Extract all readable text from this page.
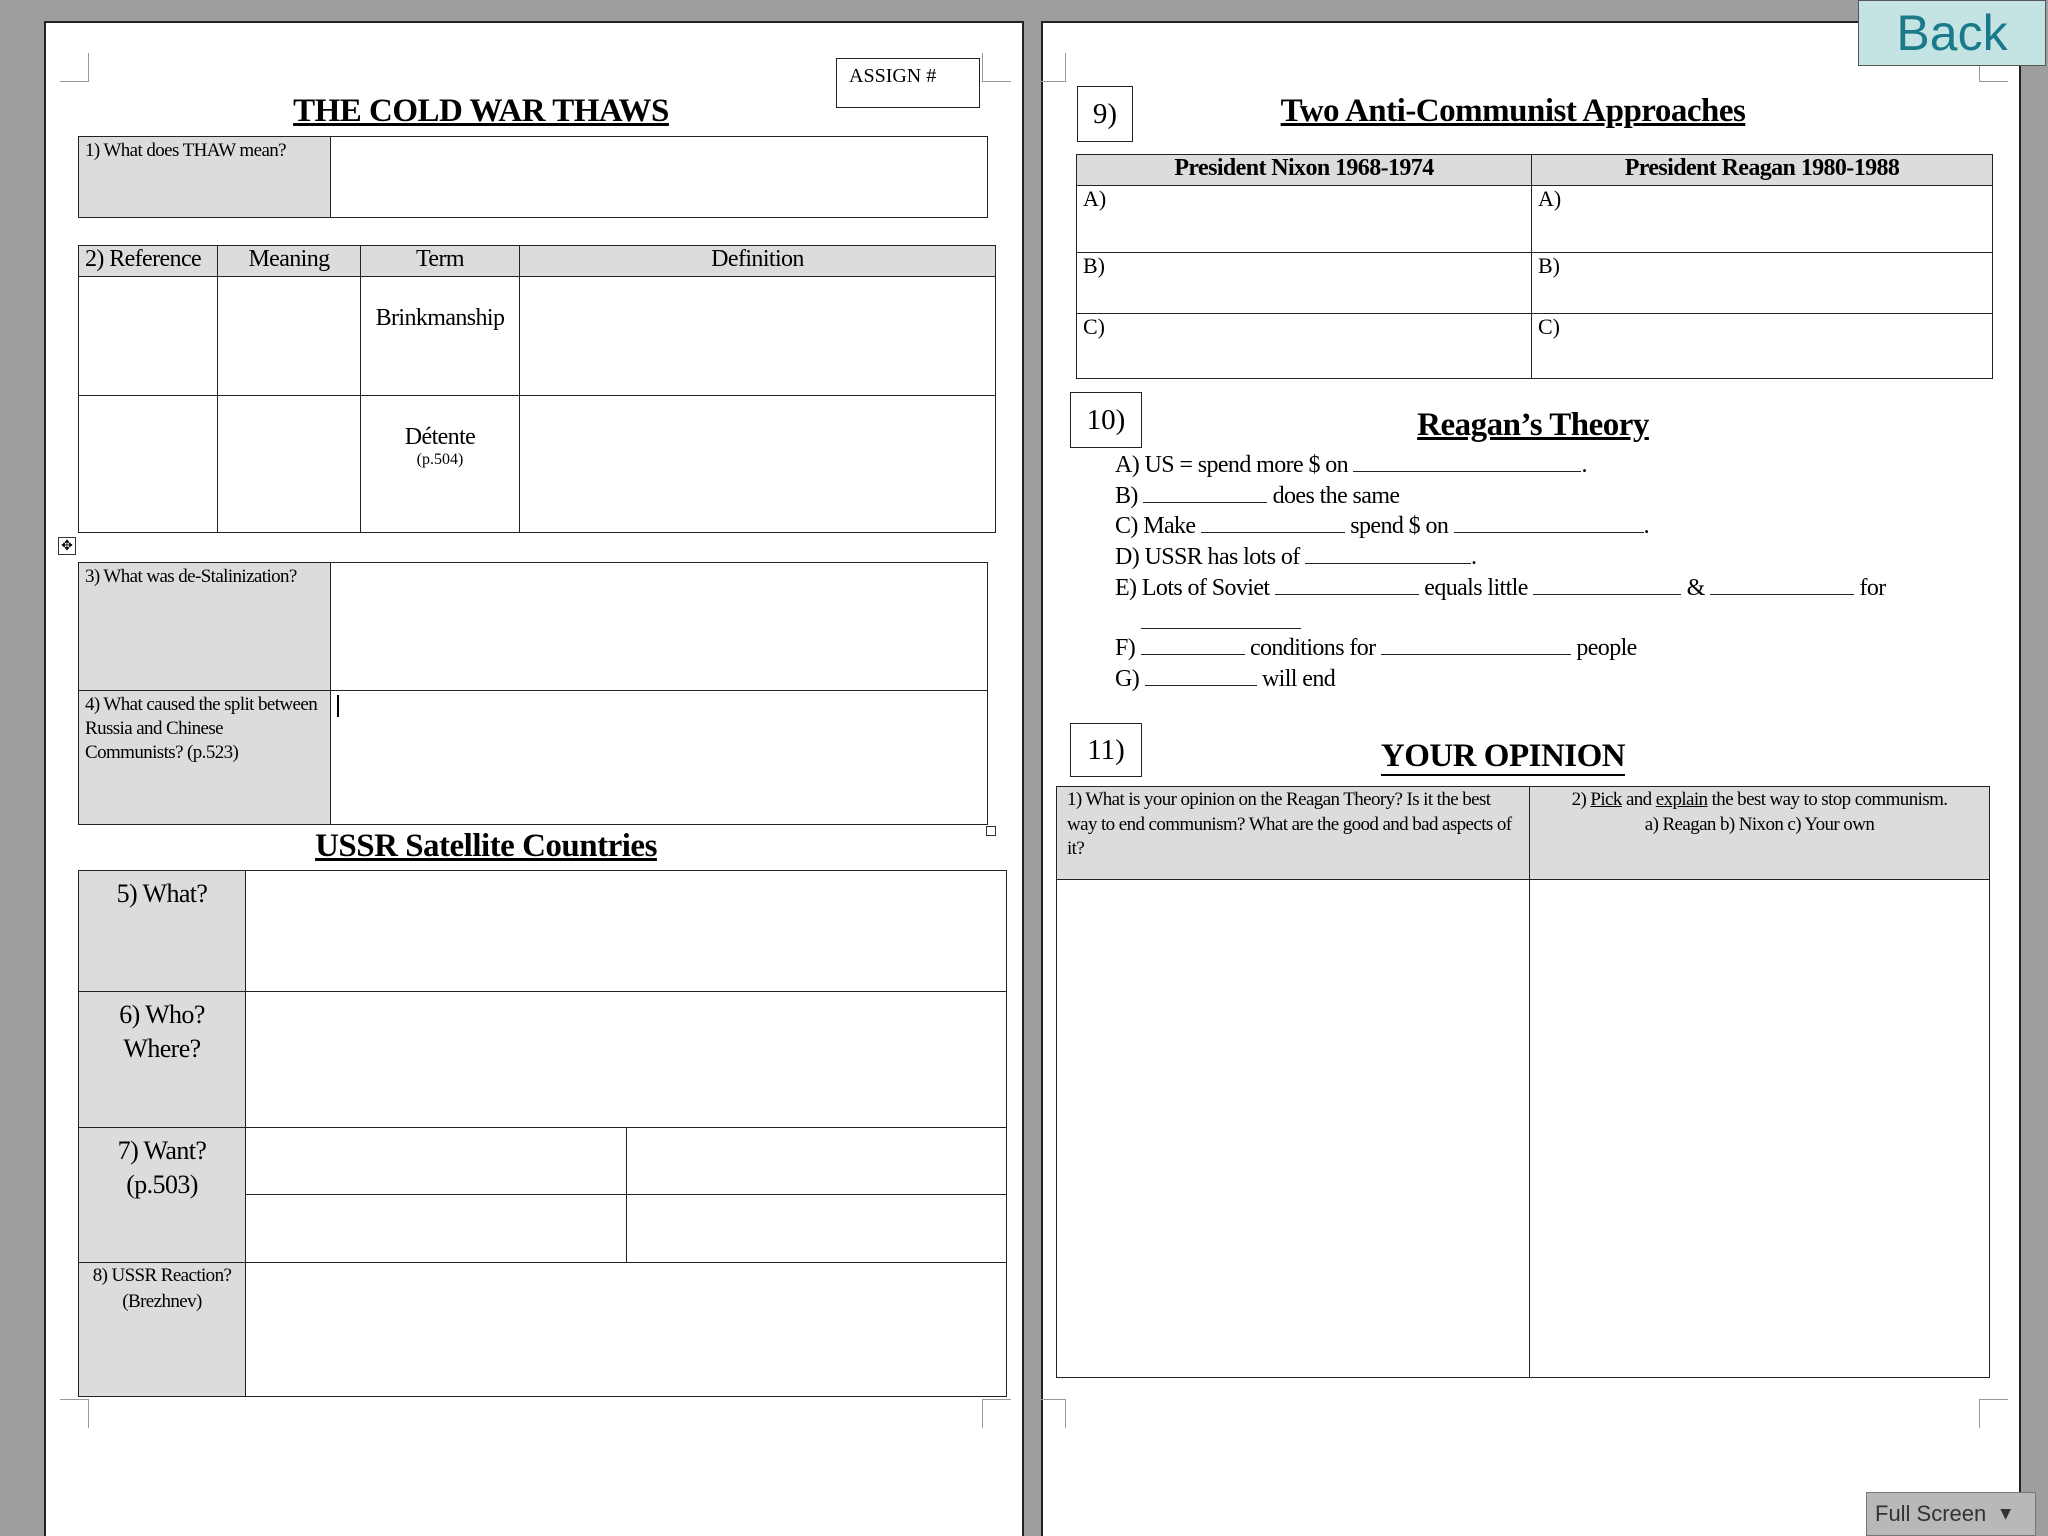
ASSIGN #
THE COLD WAR THAWS
1) What does THAW mean?

2) Reference	Meaning	Term	Definition

		Brinkmanship	

		Détente
(p.504)	

✥
3) What was de-Stalinization?	

4) What caused the split between Russia and Chinese Communists? (p.523)	

USSR Satellite Countries
5) What?		

6) Who?
Where?		

7) Want?
(p.503)		

8) USSR Reaction?
(Brezhnev)		

9)	Two Anti-Communist Approaches
President Nixon 1968-1974	President Reagan 1980-1988

A)	A)

B)	B)

C)	C)
10)	Reagan’s Theory
A) US = spend more $ on	.
B)	does the same
C) Make	spend $ on	.
D) USSR has lots of	.
E) Lots of Soviet	equals little	&	for
F)	conditions for	people
G)	will end
11)	YOUR OPINION
1) What is your opinion on the Reagan Theory? Is it the best way to end communism? What are the good and bad aspects of it?	2) Pick and explain the best way to stop communism.
a) Reagan b) Nixon c) Your own

Back
Full Screen ▼
